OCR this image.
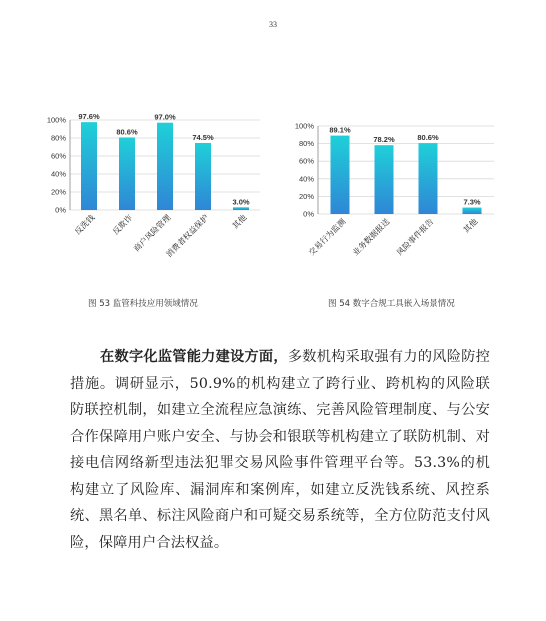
33
0%
20%
40%
60%
80%
100% 97.6%
反洗钱
80.6%
反欺诈
97.0%
商户风险管理
74.5%
消费者权益保护
3.0%
其他	0%
20%
40%
60%
80%
100% 89.1%
交易行为监测
78.2%
业务数据报送
80.6%
风险事件报告
7.3%
其他
图 53 监管科技应用领域情况	图 54 数字合规工具嵌入场景情况
在数字化监管能力建设方面，多数机构采取强有力的风险防控措施。调研显示，50.9%的机构建立了跨行业、跨机构的风险联防联控机制，如建立全流程应急演练、完善风险管理制度、与公安合作保障用户账户安全、与协会和银联等机构建立了联防机制、对接电信网络新型违法犯罪交易风险事件管理平台等。53.3%的机构建立了风险库、漏洞库和案例库，如建立反洗钱系统、风控系统、黑名单、标注风险商户和可疑交易系统等，全方位防范支付风险，保障用户合法权益。
